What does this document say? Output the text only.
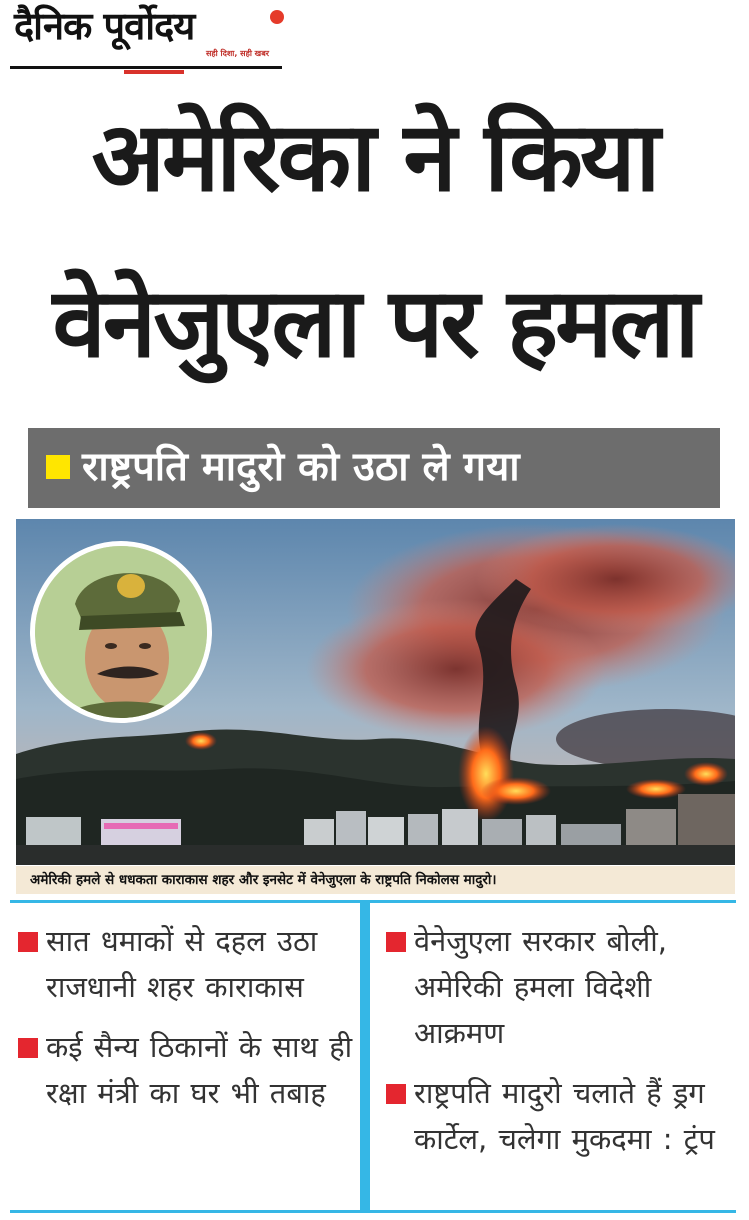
दैनिक पूर्वोदय
सही दिशा, सही खबर
अमेरिका ने किया
वेनेजुएला पर हमला
राष्ट्रपति मादुरो को उठा ले गया
अमेरिकी हमले से धधकता काराकास शहर और इनसेट में वेनेजुएला के राष्ट्रपति निकोलस मादुरो।
सात धमाकों से दहल उठा राजधानी शहर काराकास
कई सैन्य ठिकानों के साथ ही रक्षा मंत्री का घर भी तबाह
वेनेजुएला सरकार बोली, अमेरिकी हमला विदेशी आक्रमण
राष्ट्रपति मादुरो चलाते हैं ड्रग कार्टेल, चलेगा मुकदमा : ट्रंप
